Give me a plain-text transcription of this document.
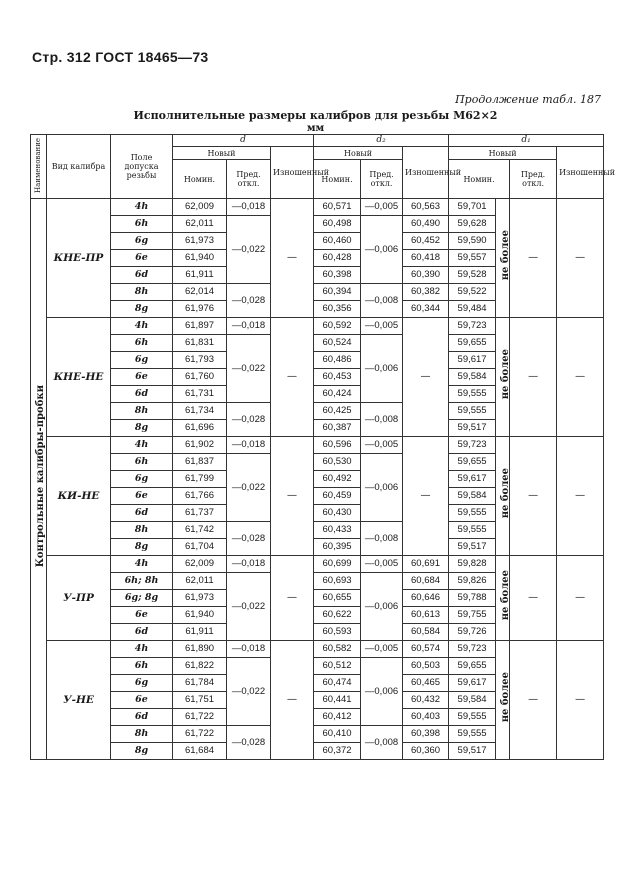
Стр. 312 ГОСТ 18465—73
Продолжение табл. 187
Исполнительные размеры калибров для резьбы М62×2
мм
Наименование	Вид калибра	Поле допуска резьбы	d			d₂			d₁			
			Новый		Изношенный	Новый		Изношенный	Новый			Изношенный
			Номин.	Пред. откл.		Номин.	Пред. откл.		Номин.		Пред. откл.	
Контрольные калибры-пробки	КНЕ-ПР	4h	62,009	—0,018	—	60,571	—0,005	60,563	59,701	не более	—	—
		6h	62,011	—0,022		60,498	—0,006	60,490	59,628			
		6g	61,973			60,460		60,452	59,590			
		6e	61,940			60,428		60,418	59,557			
		6d	61,911			60,398		60,390	59,528			
		8h	62,014	—0,028		60,394	—0,008	60,382	59,522			
		8g	61,976			60,356		60,344	59,484			
	КНЕ-НЕ	4h	61,897	—0,018	—	60,592	—0,005	—	59,723	не более	—	—
		6h	61,831	—0,022		60,524	—0,006		59,655			
		6g	61,793			60,486			59,617			
		6e	61,760			60,453			59,584			
		6d	61,731			60,424			59,555			
		8h	61,734	—0,028		60,425	—0,008		59,555			
		8g	61,696			60,387			59,517			
	КИ-НЕ	4h	61,902	—0,018	—	60,596	—0,005	—	59,723	не более	—	—
		6h	61,837	—0,022		60,530	—0,006		59,655			
		6g	61,799			60,492			59,617			
		6e	61,766			60,459			59,584			
		6d	61,737			60,430			59,555			
		8h	61,742	—0,028		60,433	—0,008		59,555			
		8g	61,704			60,395			59,517			
	У-ПР	4h	62,009	—0,018	—	60,699	—0,005	60,691	59,828	не более	—	—
		6h; 8h	62,011	—0,022		60,693	—0,006	60,684	59,826			
		6g; 8g	61,973			60,655		60,646	59,788			
		6e	61,940			60,622		60,613	59,755			
		6d	61,911			60,593		60,584	59,726			
	У-НЕ	4h	61,890	—0,018	—	60,582	—0,005	60,574	59,723	не более	—	—
		6h	61,822	—0,022		60,512	—0,006	60,503	59,655			
		6g	61,784			60,474		60,465	59,617			
		6e	61,751			60,441		60,432	59,584			
		6d	61,722			60,412		60,403	59,555			
		8h	61,722	—0,028		60,410	—0,008	60,398	59,555			
		8g	61,684			60,372		60,360	59,517			
